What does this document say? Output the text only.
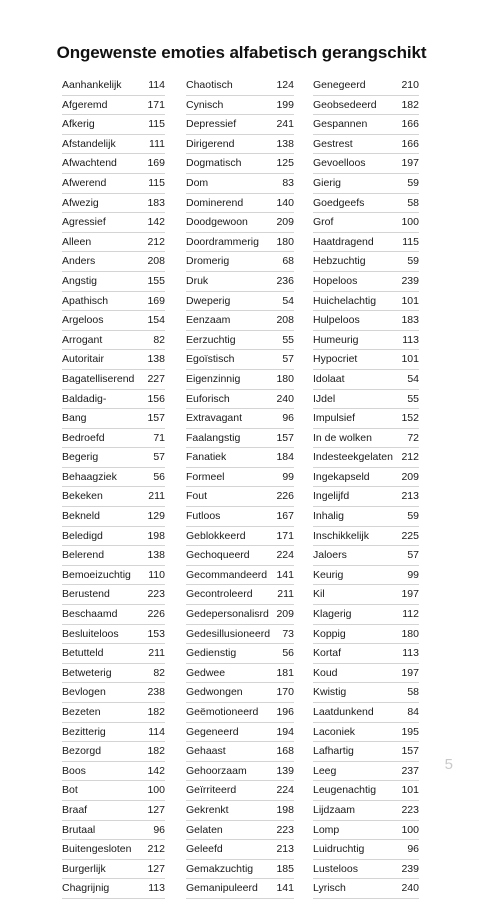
Ongewenste emoties alfabetisch gerangschikt
Aanhankelijk	114
Afgeremd	171
Afkerig	115
Afstandelijk	111
Afwachtend	169
Afwerend	115
Afwezig	183
Agressief	142
Alleen	212
Anders	208
Angstig	155
Apathisch	169
Argeloos	154
Arrogant	82
Autoritair	138
Bagatelliserend 227
Baldadig-	156
Bang	157
Bedroefd	71
Begerig	57
Behaagziek	56
Bekeken	211
Bekneld	129
Beledigd	198
Belerend	138
Bemoeizuchtig 110
Berustend	223
Beschaamd	226
Besluiteloos	153
Betutteld	211
Betweterig	82
Bevlogen	238
Bezeten	182
Bezitterig	114
Bezorgd	182
Boos	142
Bot	100
Braaf	127
Brutaal	96
Buitengesloten 212
Burgerlijk	127
Chagrijnig	113
Chaotisch	124
Cynisch	199
Depressief	241
Dirigerend	138
Dogmatisch	125
Dom	83
Dominerend	140
Doodgewoon	209
Doordrammerig 180
Dromerig	68
Druk	236
Dweperig	54
Eenzaam	208
Eerzuchtig	55
Egoïstisch	57
Eigenzinnig	180
Euforisch	240
Extravagant	96
Faalangstig	157
Fanatiek	184
Formeel	99
Fout	226
Futloos	167
Geblokkeerd	171
Gechoqueerd	224
Gecommandeerd 141
Gecontroleerd 211
Gedepersonalisrd 209
Gedesillusioneerd 73
Gedienstig	56
Gedwee	181
Gedwongen	170
Geëmotioneerd 196
Gegeneerd	194
Gehaast	168
Gehoorzaam	139
Geïrriteerd	224
Gekrenkt	198
Gelaten	223
Geleefd	213
Gemakzuchtig 185
Gemanipuleerd 141
Genegeerd	210
Geobsedeerd 182
Gespannen	166
Gestrest	166
Gevoelloos	197
Gierig	59
Goedgeefs	58
Grof	100
Haatdragend	115
Hebzuchtig	59
Hopeloos	239
Huichelachtig 101
Hulpeloos	183
Humeurig	113
Hypocriet	101
Idolaat	54
IJdel	55
Impulsief	152
In de wolken	72
Indesteekgelaten 212
Ingekapseld	209
Ingelijfd	213
Inhalig	59
Inschikkelijk	225
Jaloers	57
Keurig	99
Kil	197
Klagerig	112
Koppig	180
Kortaf	113
Koud	197
Kwistig	58
Laatdunkend	84
Laconiek	195
Lafhartig	157
Leeg	237
Leugenachtig 101
Lijdzaam	223
Lomp	100
Luidruchtig	96
Lusteloos	239
Lyrisch	240
5
